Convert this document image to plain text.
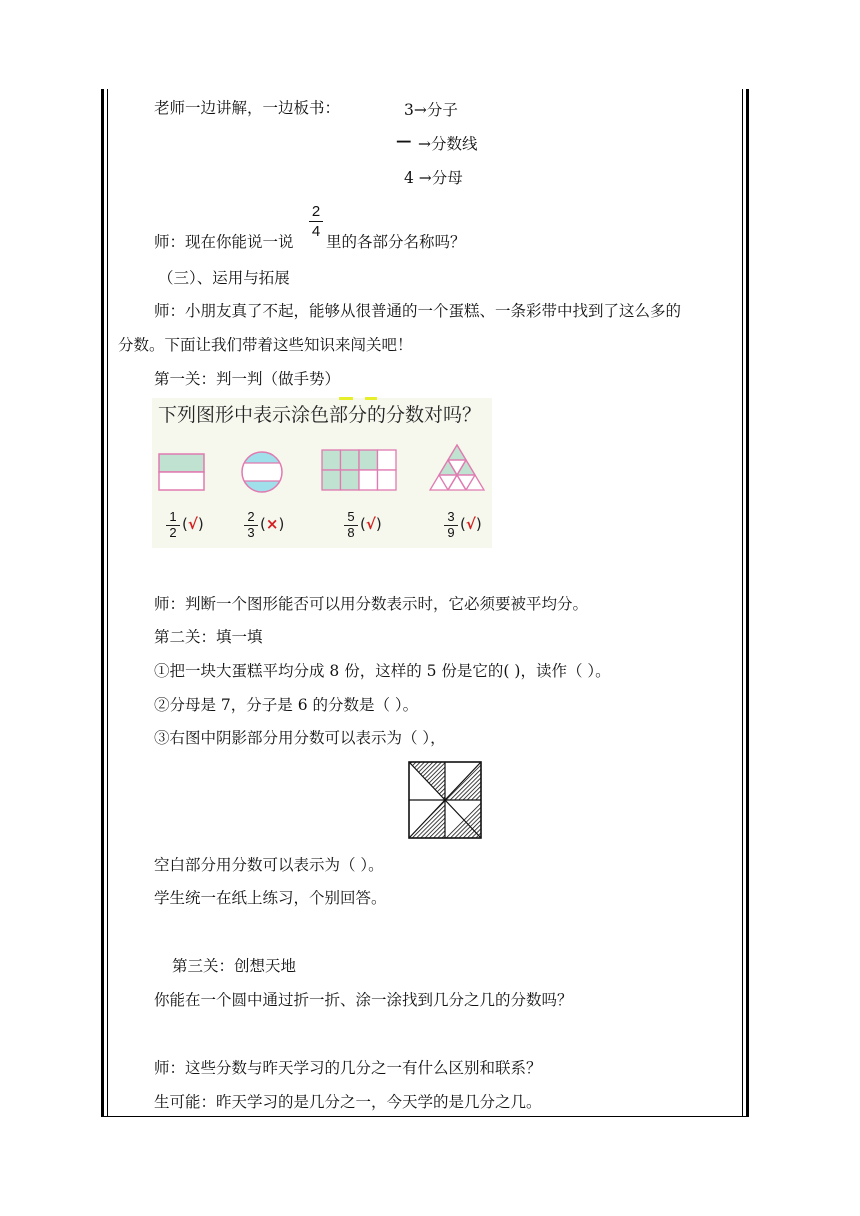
老师一边讲解，一边板书：	3→分子
— →分数线
4 →分母
师：现在你能说一说
2
4
里的各部分名称吗？
（三）、运用与拓展
师：小朋友真了不起，能够从很普通的一个蛋糕、一条彩带中找到了这么多的
分数。下面让我们带着这些知识来闯关吧！
第一关：判一判（做手势）
下列图形中表示涂色部分的分数对吗？
1
2 (√)	2
3 (×)	5
8 (√)	3
9 (√)
师：判断一个图形能否可以用分数表示时，它必须要被平均分。
第二关：填一填
①把一块大蛋糕平均分成 8 份，这样的 5 份是它的( )，读作（ ）。
②分母是 7，分子是 6 的分数是（ ）。
③右图中阴影部分用分数可以表示为（ ），
空白部分用分数可以表示为（ ）。
学生统一在纸上练习，个别回答。
第三关：创想天地
你能在一个圆中通过折一折、涂一涂找到几分之几的分数吗？
师：这些分数与昨天学习的几分之一有什么区别和联系？
生可能：昨天学习的是几分之一，今天学的是几分之几。
